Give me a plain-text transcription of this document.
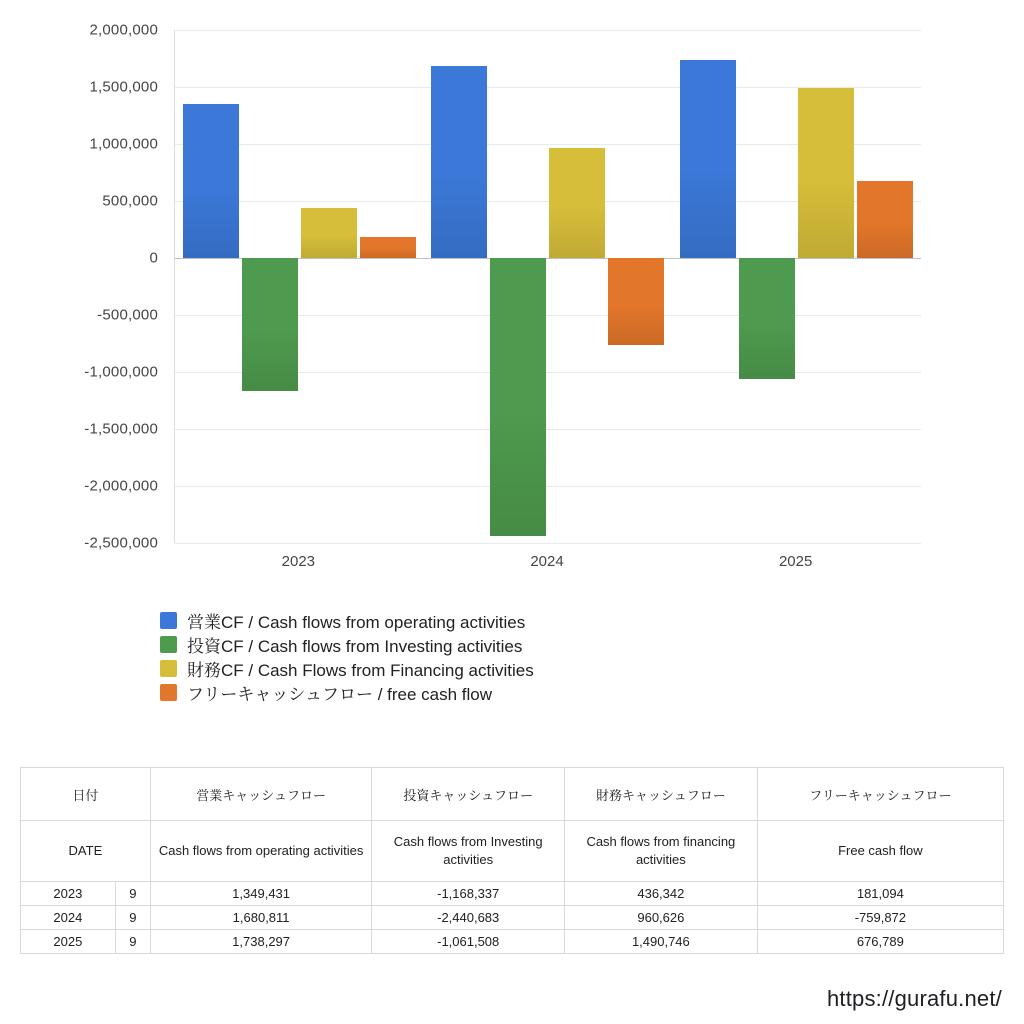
2,000,000
1,500,000
1,000,000
500,000
0
-500,000
-1,000,000
-1,500,000
-2,000,000
-2,500,000
2023	2024	2025
営業CF / Cash flows from operating activities
投資CF / Cash flows from Investing activities
財務CF / Cash Flows from Financing activities
フリーキャッシュフロー / free cash flow
日付		営業キャッシュフロー	投資キャッシュフロー	財務キャッシュフロー	フリーキャッシュフロー
DATE		Cash flows from operating activities	Cash flows from Investing activities	Cash flows from financing activities	Free cash flow
2023	9	1,349,431	-1,168,337	436,342	181,094
2024	9	1,680,811	-2,440,683	960,626	-759,872
2025	9	1,738,297	-1,061,508	1,490,746	676,789
https://gurafu.net/
